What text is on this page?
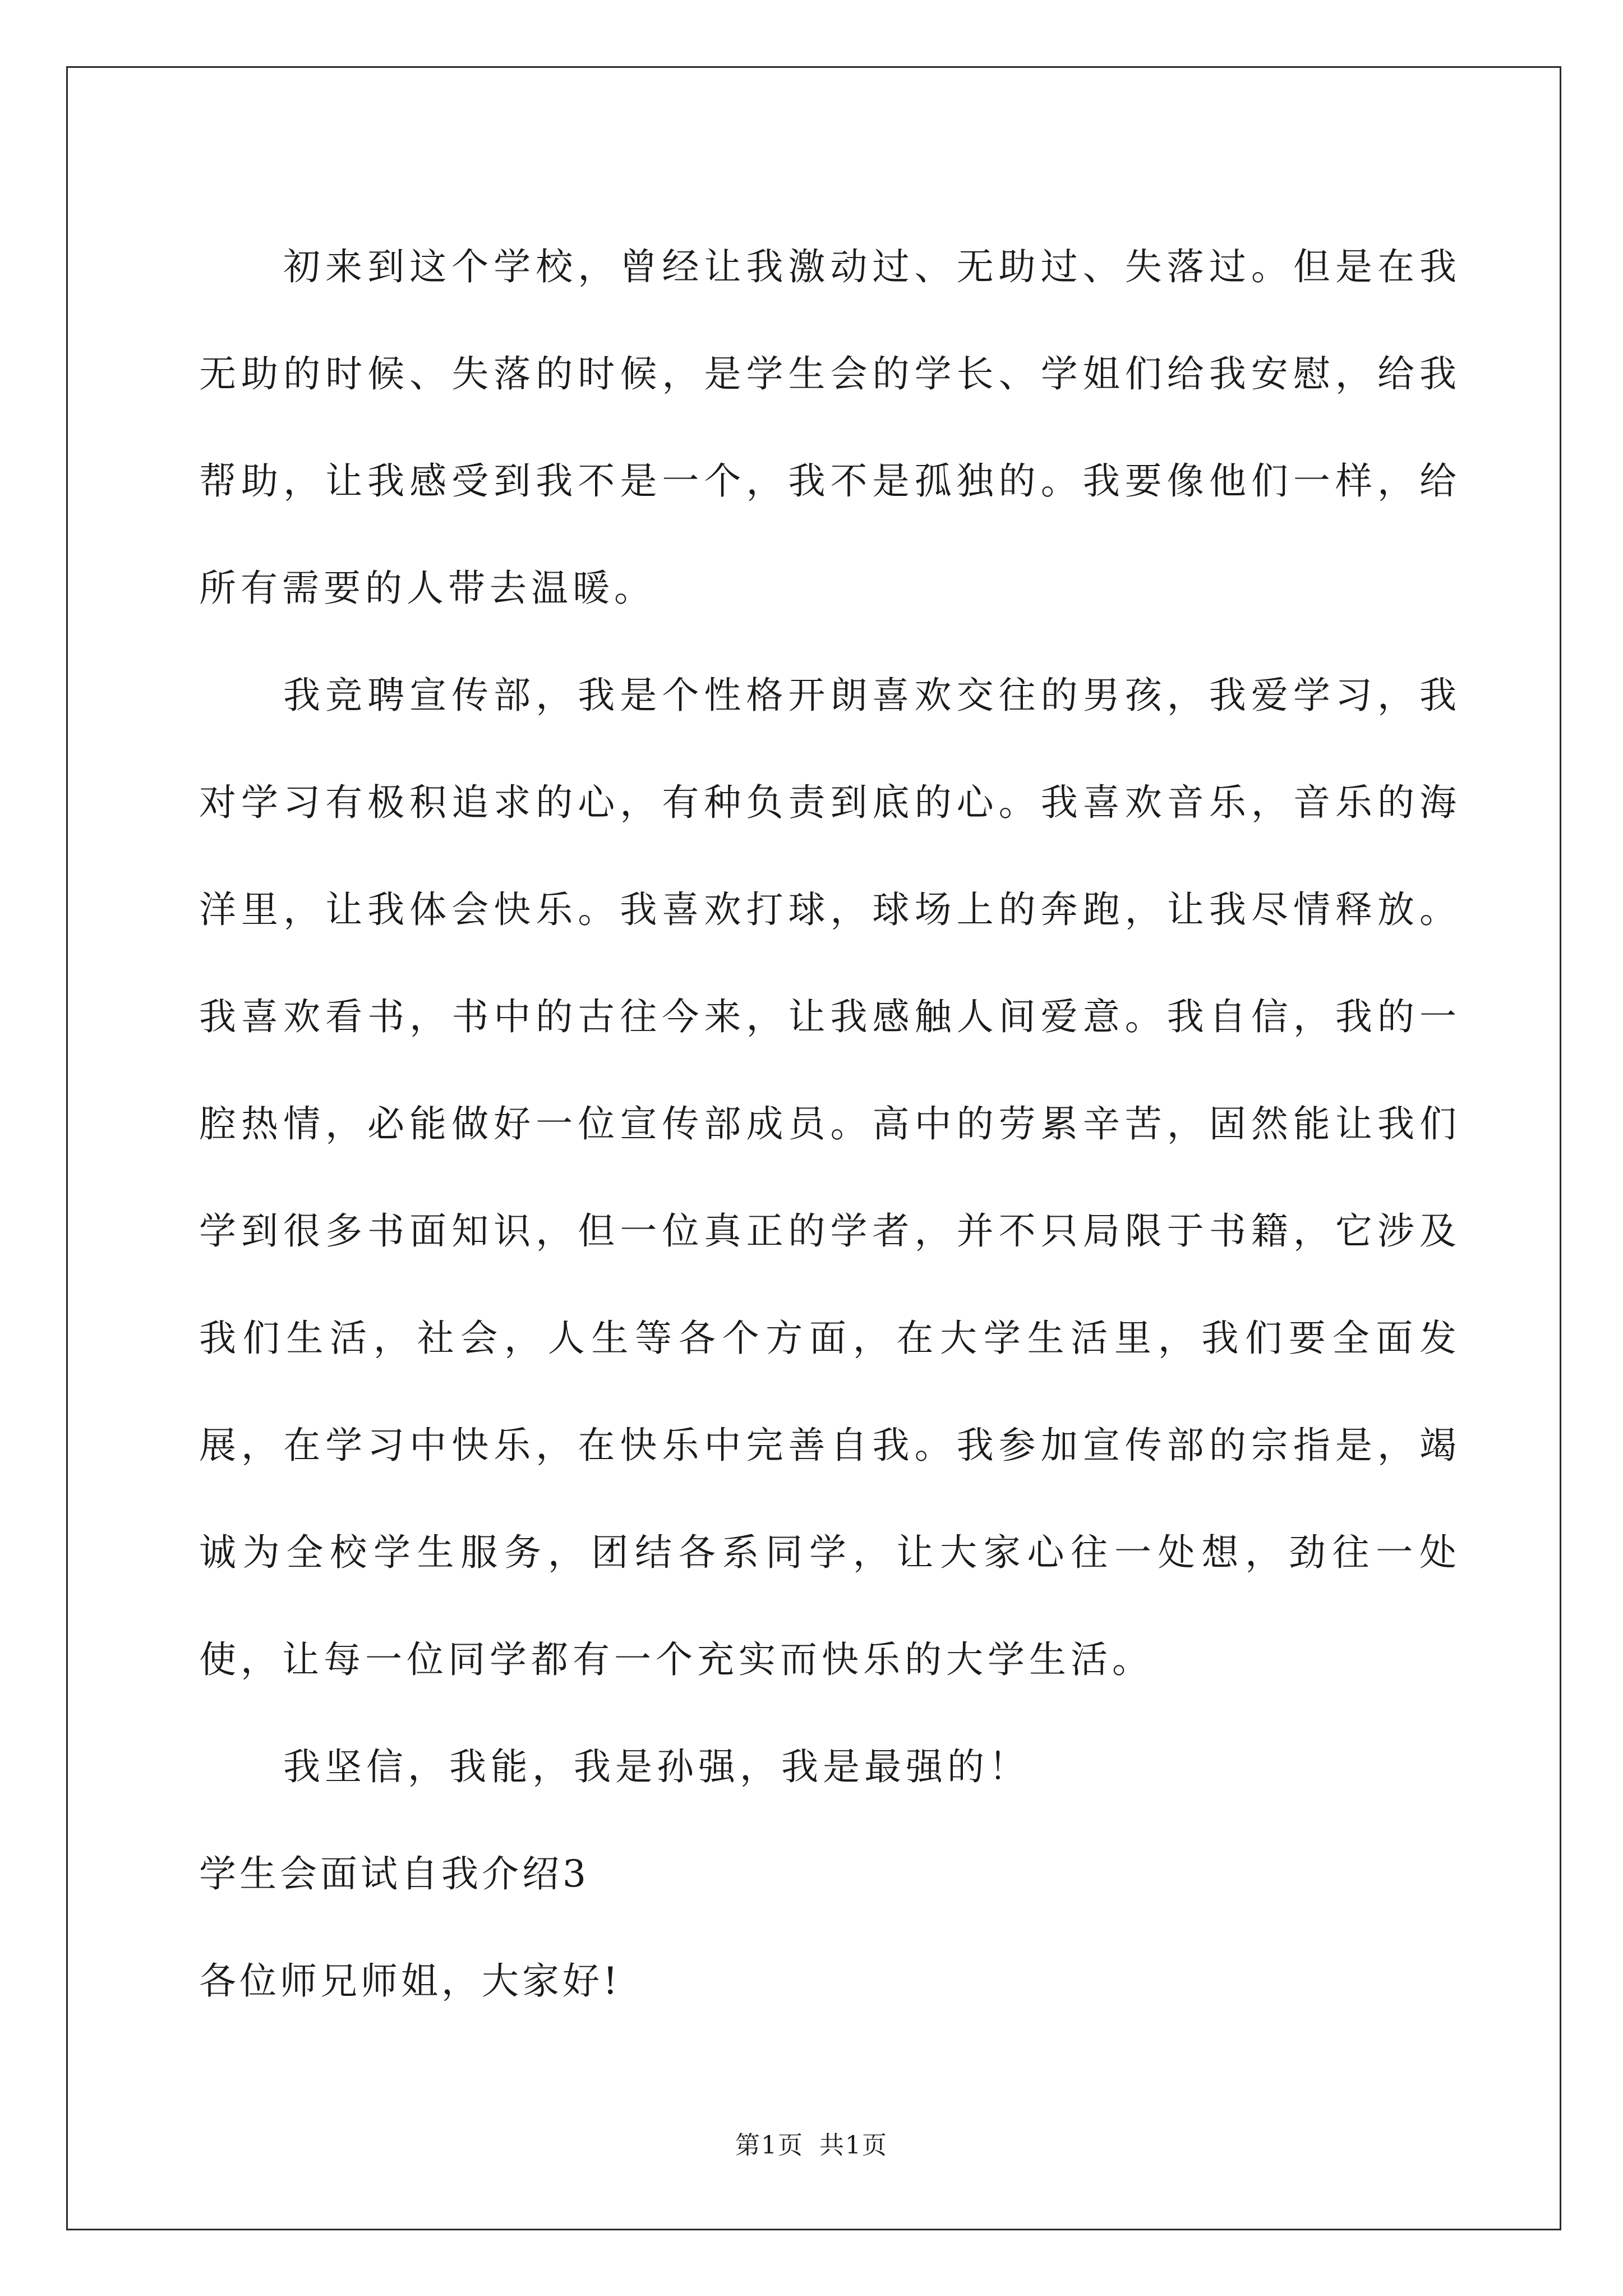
初来到这个学校，曾经让我激动过、无助过、失落过。但是在我无助的时候、失落的时候，是学生会的学长、学姐们给我安慰，给我帮助，让我感受到我不是一个，我不是孤独的。我要像他们一样，给所有需要的人带去温暖。

我竞聘宣传部，我是个性格开朗喜欢交往的男孩，我爱学习，我对学习有极积追求的心，有种负责到底的心。我喜欢音乐，音乐的海洋里，让我体会快乐。我喜欢打球，球场上的奔跑，让我尽情释放。我喜欢看书，书中的古往今来，让我感触人间爱意。我自信，我的一腔热情，必能做好一位宣传部成员。高中的劳累辛苦，固然能让我们学到很多书面知识，但一位真正的学者，并不只局限于书籍，它涉及我们生活，社会，人生等各个方面，在大学生活里，我们要全面发展，在学习中快乐，在快乐中完善自我。我参加宣传部的宗指是，竭诚为全校学生服务，团结各系同学，让大家心往一处想，劲往一处使，让每一位同学都有一个充实而快乐的大学生活。

我坚信，我能，我是孙强，我是最强的！

学生会面试自我介绍3

各位师兄师姐，大家好!

第1页 共1页
